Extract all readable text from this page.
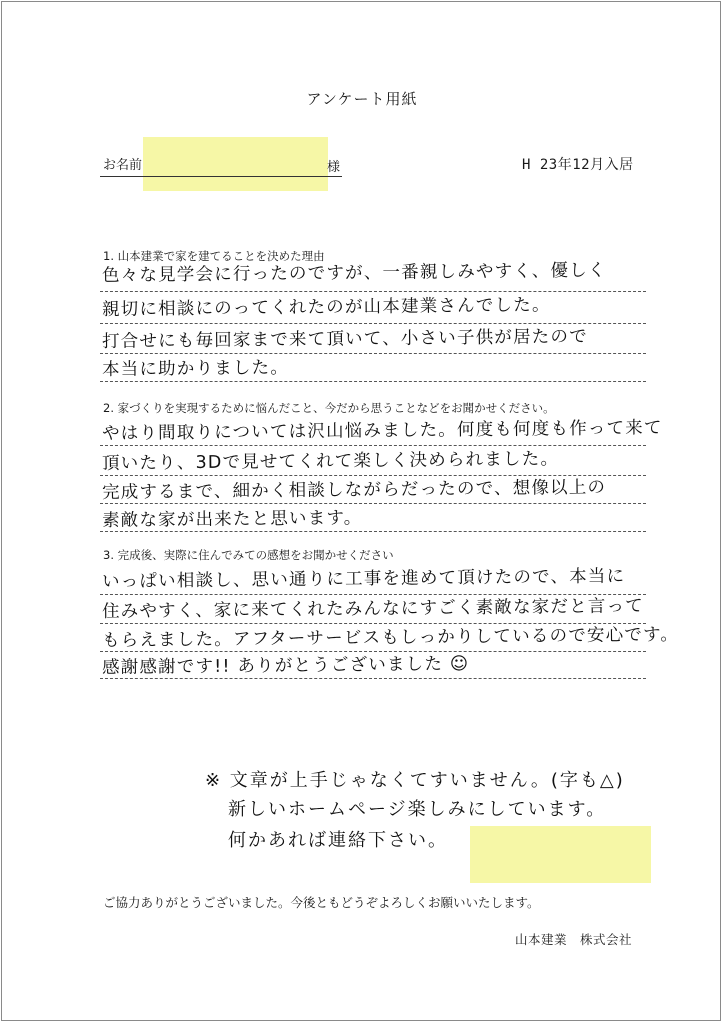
アンケート用紙
お名前	様	H 23年12月入居
1. 山本建業で家を建てることを決めた理由
色々な見学会に行ったのですが、一番親しみやすく、優しく
親切に相談にのってくれたのが山本建業さんでした。
打合せにも毎回家まで来て頂いて、小さい子供が居たので
本当に助かりました。
2. 家づくりを実現するために悩んだこと、今だから思うことなどをお聞かせください。
やはり間取りについては沢山悩みました。何度も何度も作って来て
頂いたり、3Dで見せてくれて楽しく決められました。
完成するまで、細かく相談しながらだったので、想像以上の
素敵な家が出来たと思います。
3. 完成後、実際に住んでみての感想をお聞かせください
いっぱい相談し、思い通りに工事を進めて頂けたので、本当に
住みやすく、家に来てくれたみんなにすごく素敵な家だと言って
もらえました。アフターサービスもしっかりしているので安心です。
感謝感謝です!! ありがとうございました ☺
※ 文章が上手じゃなくてすいません。(字も△)
新しいホームページ楽しみにしています。
何かあれば連絡下さい。
ご協力ありがとうございました。今後ともどうぞよろしくお願いいたします。
山本建業　株式会社
